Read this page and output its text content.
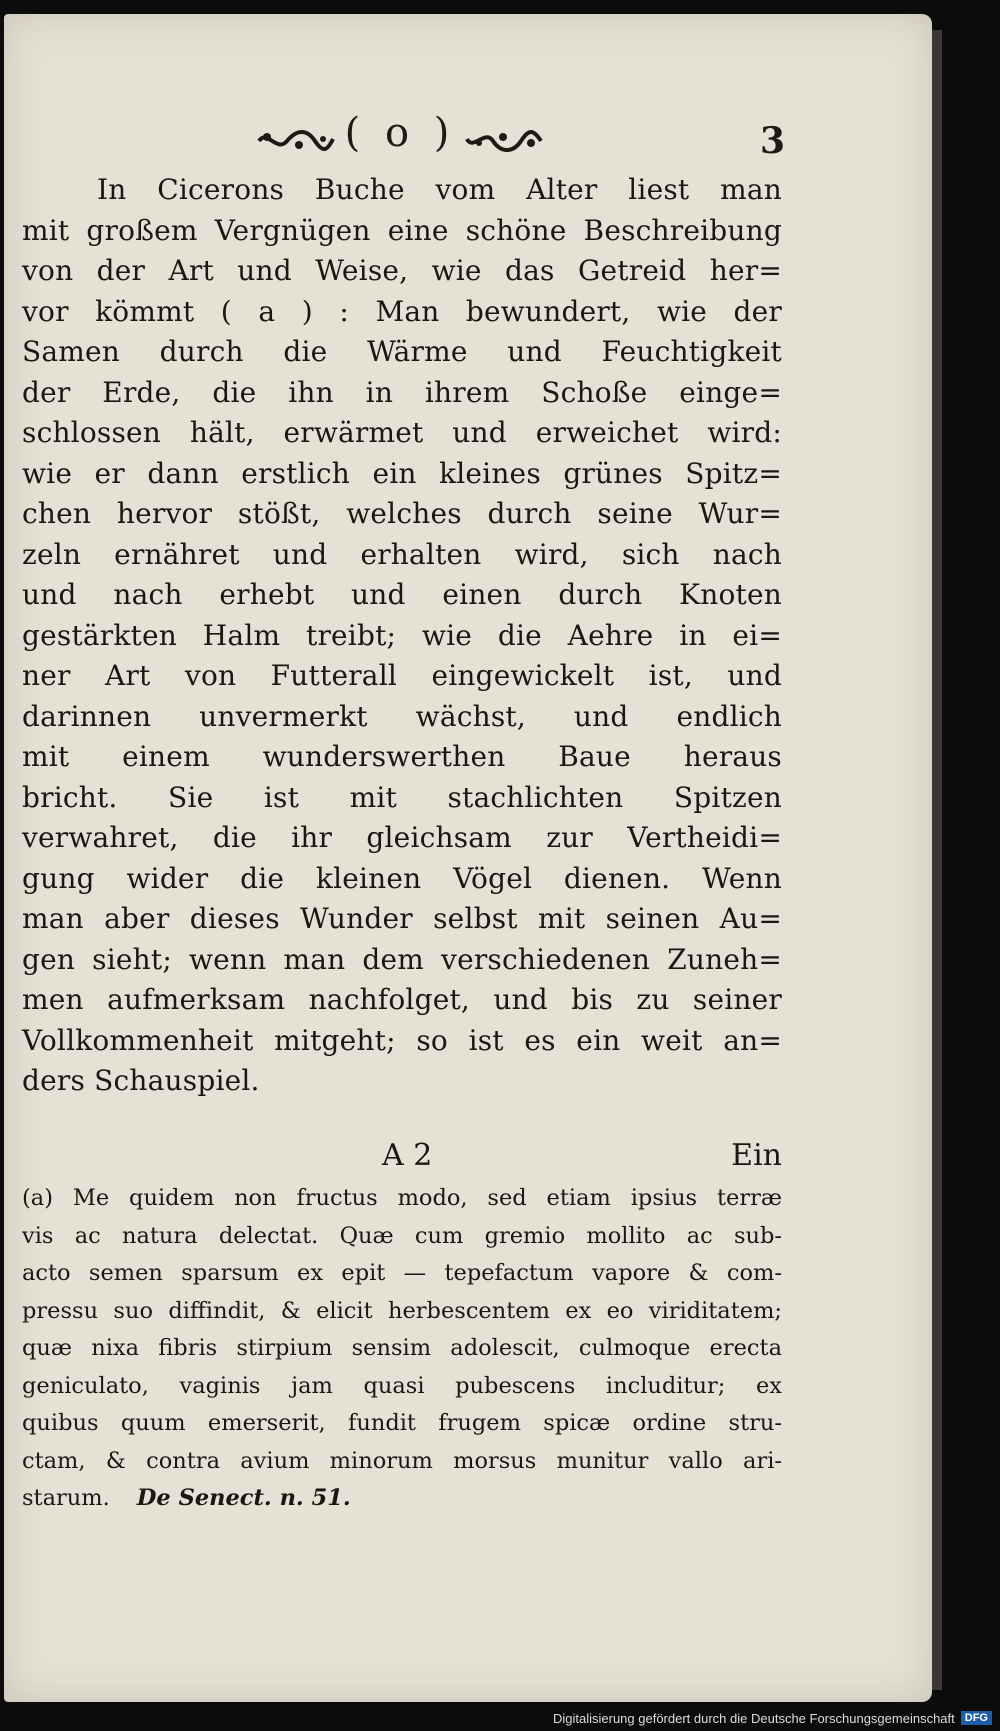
( o )	3
In Cicerons Buche vom Alter liest man
mit großem Vergnügen eine schöne Beschreibung
von der Art und Weise, wie das Getreid her=
vor kömmt ( a ) : Man bewundert, wie der
Samen durch die Wärme und Feuchtigkeit
der Erde, die ihn in ihrem Schoße einge=
schlossen hält, erwärmet und erweichet wird:
wie er dann erstlich ein kleines grünes Spitz=
chen hervor stößt, welches durch seine Wur=
zeln ernähret und erhalten wird, sich nach
und nach erhebt und einen durch Knoten
gestärkten Halm treibt; wie die Aehre in ei=
ner Art von Futterall eingewickelt ist, und
darinnen unvermerkt wächst, und endlich
mit einem wunderswerthen Baue heraus
bricht. Sie ist mit stachlichten Spitzen
verwahret, die ihr gleichsam zur Vertheidi=
gung wider die kleinen Vögel dienen. Wenn
man aber dieses Wunder selbst mit seinen Au=
gen sieht; wenn man dem verschiedenen Zuneh=
men aufmerksam nachfolget, und bis zu seiner
Vollkommenheit mitgeht; so ist es ein weit an=
ders Schauspiel.
A 2	Ein
(a) Me quidem non fructus modo, sed etiam ipsius terræ
vis ac natura delectat. Quæ cum gremio mollito ac sub-
acto semen sparsum ex epit — tepefactum vapore & com-
pressu suo diffindit, & elicit herbescentem ex eo viriditatem;
quæ nixa fibris stirpium sensim adolescit, culmoque erecta
geniculato, vaginis jam quasi pubescens includitur; ex
quibus quum emerserit, fundit frugem spicæ ordine stru-
ctam, & contra avium minorum morsus munitur vallo ari-
starum. De Senect. n. 51.
Digitalisierung gefördert durch die Deutsche Forschungsgemeinschaft DFG
